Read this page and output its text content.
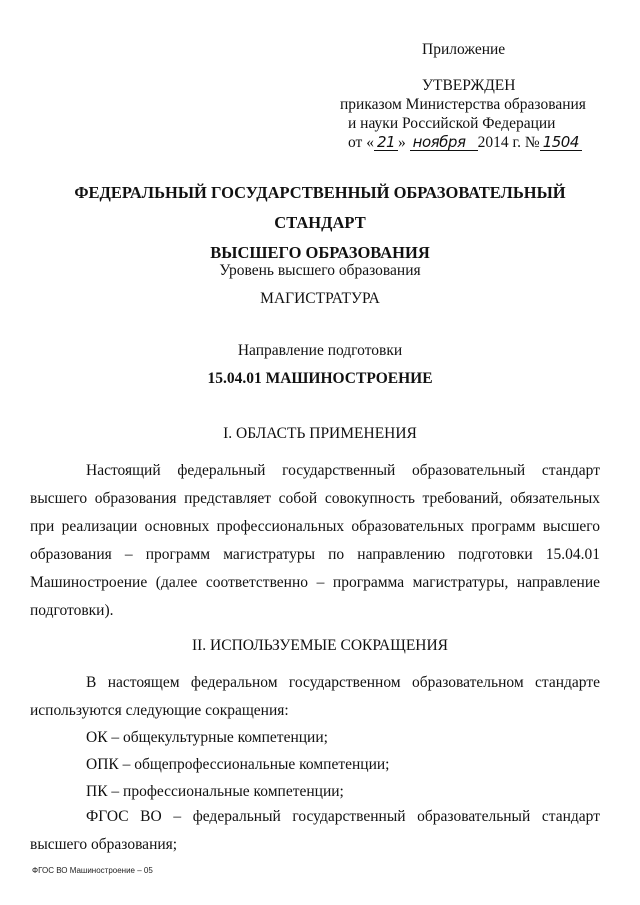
Приложение
УТВЕРЖДЕН
приказом Министерства образования
и науки Российской Федерации
от « 21 » ноября 2014 г. № 1504
ФЕДЕРАЛЬНЫЙ ГОСУДАРСТВЕННЫЙ ОБРАЗОВАТЕЛЬНЫЙ СТАНДАРТ
ВЫСШЕГО ОБРАЗОВАНИЯ
Уровень высшего образования
МАГИСТРАТУРА
Направление подготовки
15.04.01 МАШИНОСТРОЕНИЕ
I. ОБЛАСТЬ ПРИМЕНЕНИЯ
Настоящий федеральный государственный образовательный стандарт высшего образования представляет собой совокупность требований, обязательных при реализации основных профессиональных образовательных программ высшего образования – программ магистратуры по направлению подготовки 15.04.01 Машиностроение (далее соответственно – программа магистратуры, направление подготовки).
II. ИСПОЛЬЗУЕМЫЕ СОКРАЩЕНИЯ
В настоящем федеральном государственном образовательном стандарте используются следующие сокращения:
ОК – общекультурные компетенции;
ОПК – общепрофессиональные компетенции;
ПК – профессиональные компетенции;
ФГОС ВО – федеральный государственный образовательный стандарт высшего образования;
ФГОС ВО Машиностроение – 05
